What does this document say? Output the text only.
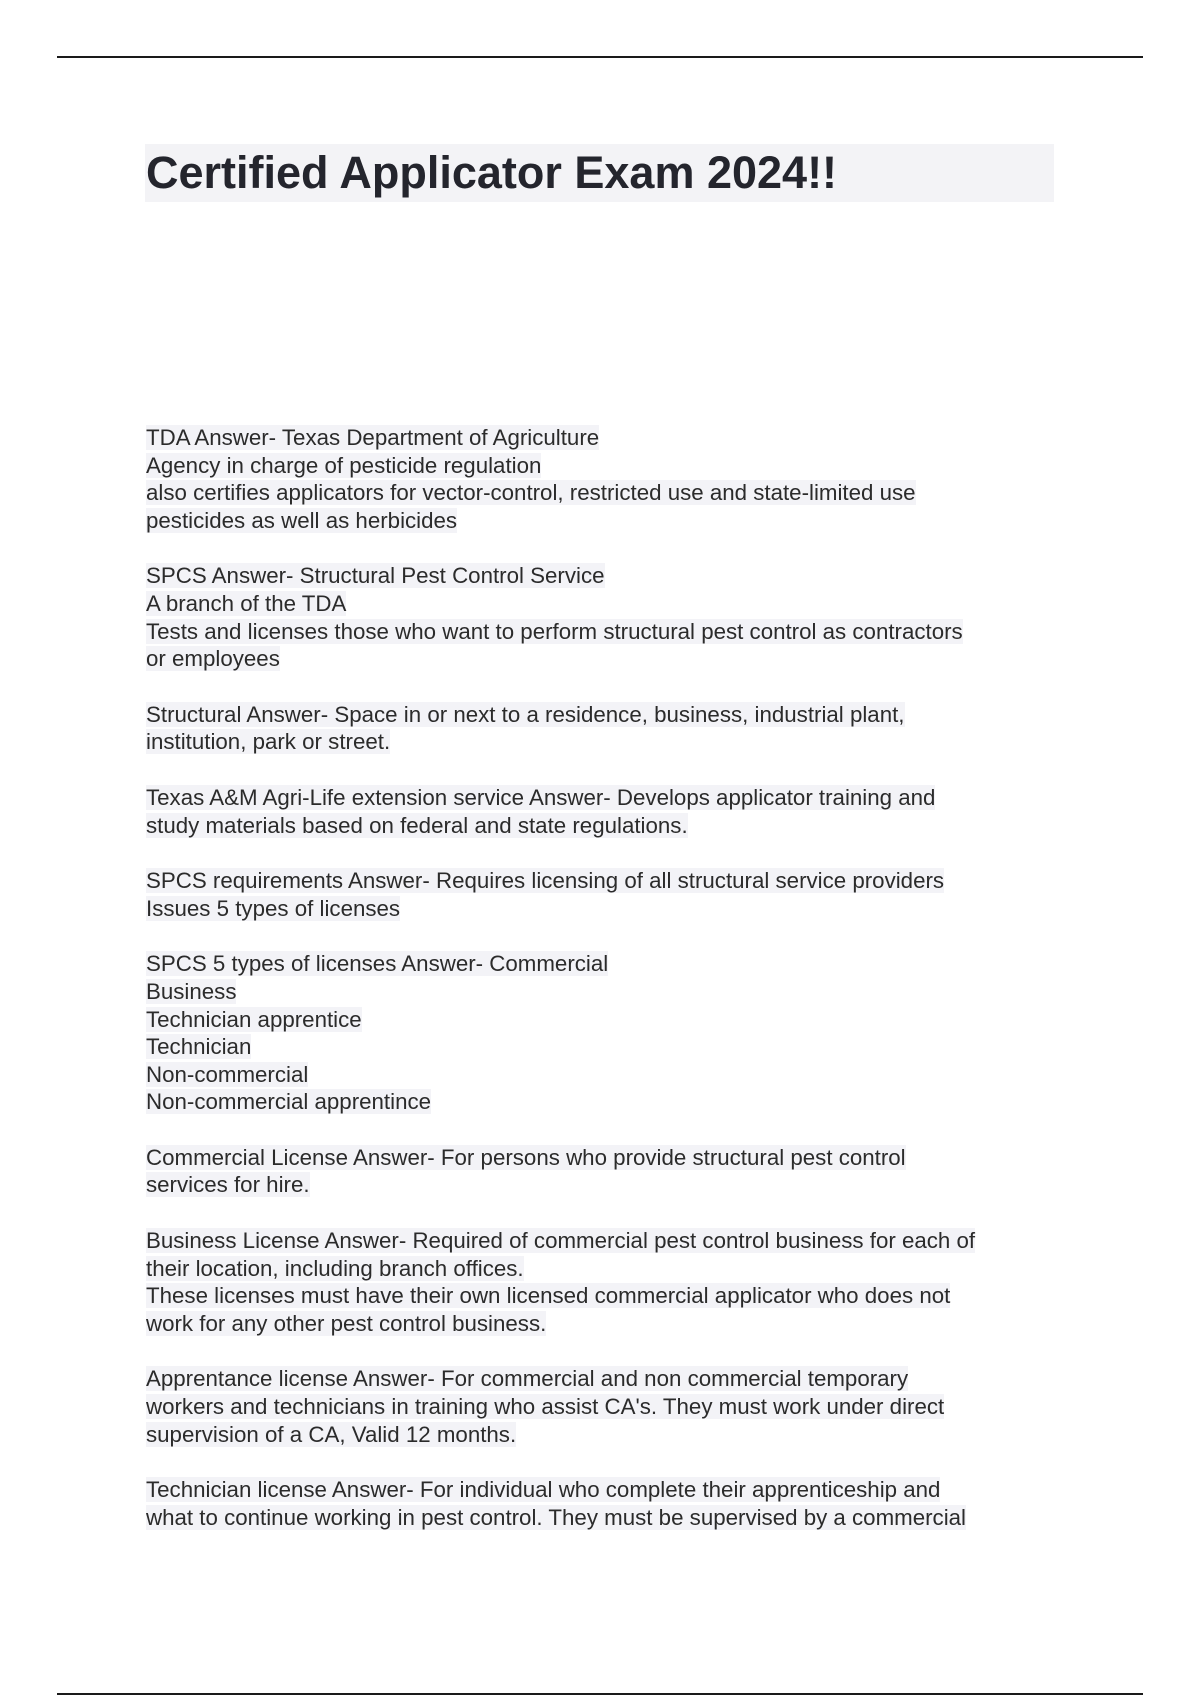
Certified Applicator Exam 2024!!
TDA Answer- Texas Department of Agriculture
Agency in charge of pesticide regulation
also certifies applicators for vector-control, restricted use and state-limited use
pesticides as well as herbicides
SPCS Answer- Structural Pest Control Service
A branch of the TDA
Tests and licenses those who want to perform structural pest control as contractors
or employees
Structural Answer- Space in or next to a residence, business, industrial plant,
institution, park or street.
Texas A&M Agri-Life extension service Answer- Develops applicator training and
study materials based on federal and state regulations.
SPCS requirements Answer- Requires licensing of all structural service providers
Issues 5 types of licenses
SPCS 5 types of licenses Answer- Commercial
Business
Technician apprentice
Technician
Non-commercial
Non-commercial apprentince
Commercial License Answer- For persons who provide structural pest control
services for hire.
Business License Answer- Required of commercial pest control business for each of
their location, including branch offices.
These licenses must have their own licensed commercial applicator who does not
work for any other pest control business.
Apprentance license Answer- For commercial and non commercial temporary
workers and technicians in training who assist CA's. They must work under direct
supervision of a CA, Valid 12 months.
Technician license Answer- For individual who complete their apprenticeship and
what to continue working in pest control. They must be supervised by a commercial
